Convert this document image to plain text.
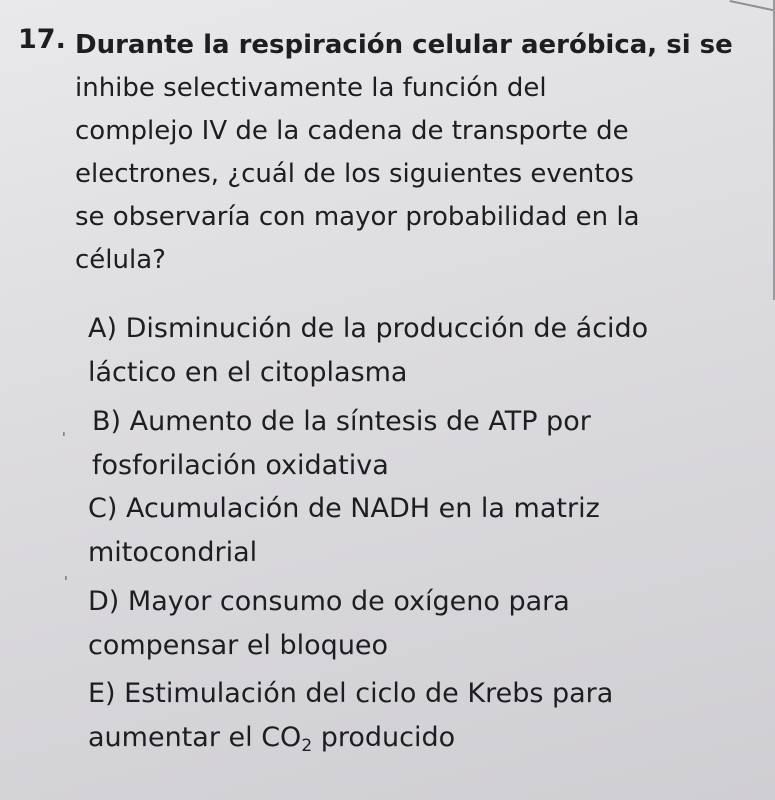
17. Durante la respiración celular aeróbica, si se
inhibe selectivamente la función del
complejo IV de la cadena de transporte de
electrones, ¿cuál de los siguientes eventos
se observaría con mayor probabilidad en la
célula?
A) Disminución de la producción de ácido
láctico en el citoplasma
ˌ B) Aumento de la síntesis de ATP por
fosforilación oxidativa
C) Acumulación de NADH en la matriz
mitocondrial
ˌ
D) Mayor consumo de oxígeno para
compensar el bloqueo
E) Estimulación del ciclo de Krebs para
aumentar el $CO_2$ producido
